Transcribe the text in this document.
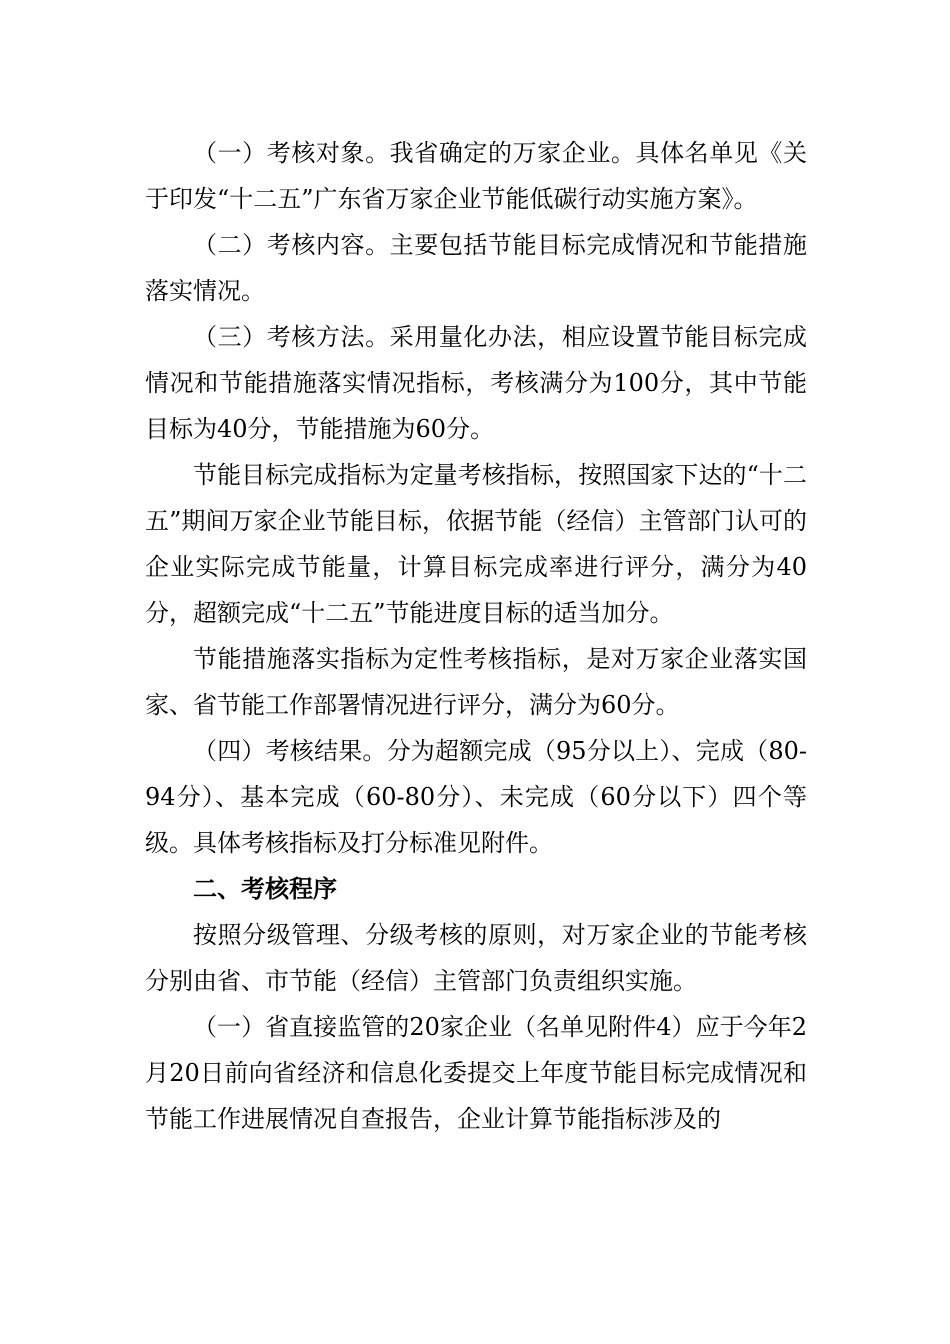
（一）考核对象。我省确定的万家企业。具体名单见《关于印发“十二五”广东省万家企业节能低碳行动实施方案》。

（二）考核内容。主要包括节能目标完成情况和节能措施落实情况。

（三）考核方法。采用量化办法，相应设置节能目标完成情况和节能措施落实情况指标，考核满分为100分，其中节能目标为40分，节能措施为60分。

节能目标完成指标为定量考核指标，按照国家下达的“十二五”期间万家企业节能目标，依据节能（经信）主管部门认可的企业实际完成节能量，计算目标完成率进行评分，满分为40分，超额完成“十二五”节能进度目标的适当加分。

节能措施落实指标为定性考核指标，是对万家企业落实国家、省节能工作部署情况进行评分，满分为60分。

（四）考核结果。分为超额完成（95分以上）、完成（80-94分）、基本完成（60-80分）、未完成（60分以下）四个等级。具体考核指标及打分标准见附件。

二、考核程序

按照分级管理、分级考核的原则，对万家企业的节能考核分别由省、市节能（经信）主管部门负责组织实施。

（一）省直接监管的20家企业（名单见附件4）应于今年2月20日前向省经济和信息化委提交上年度节能目标完成情况和节能工作进展情况自查报告，企业计算节能指标涉及的
